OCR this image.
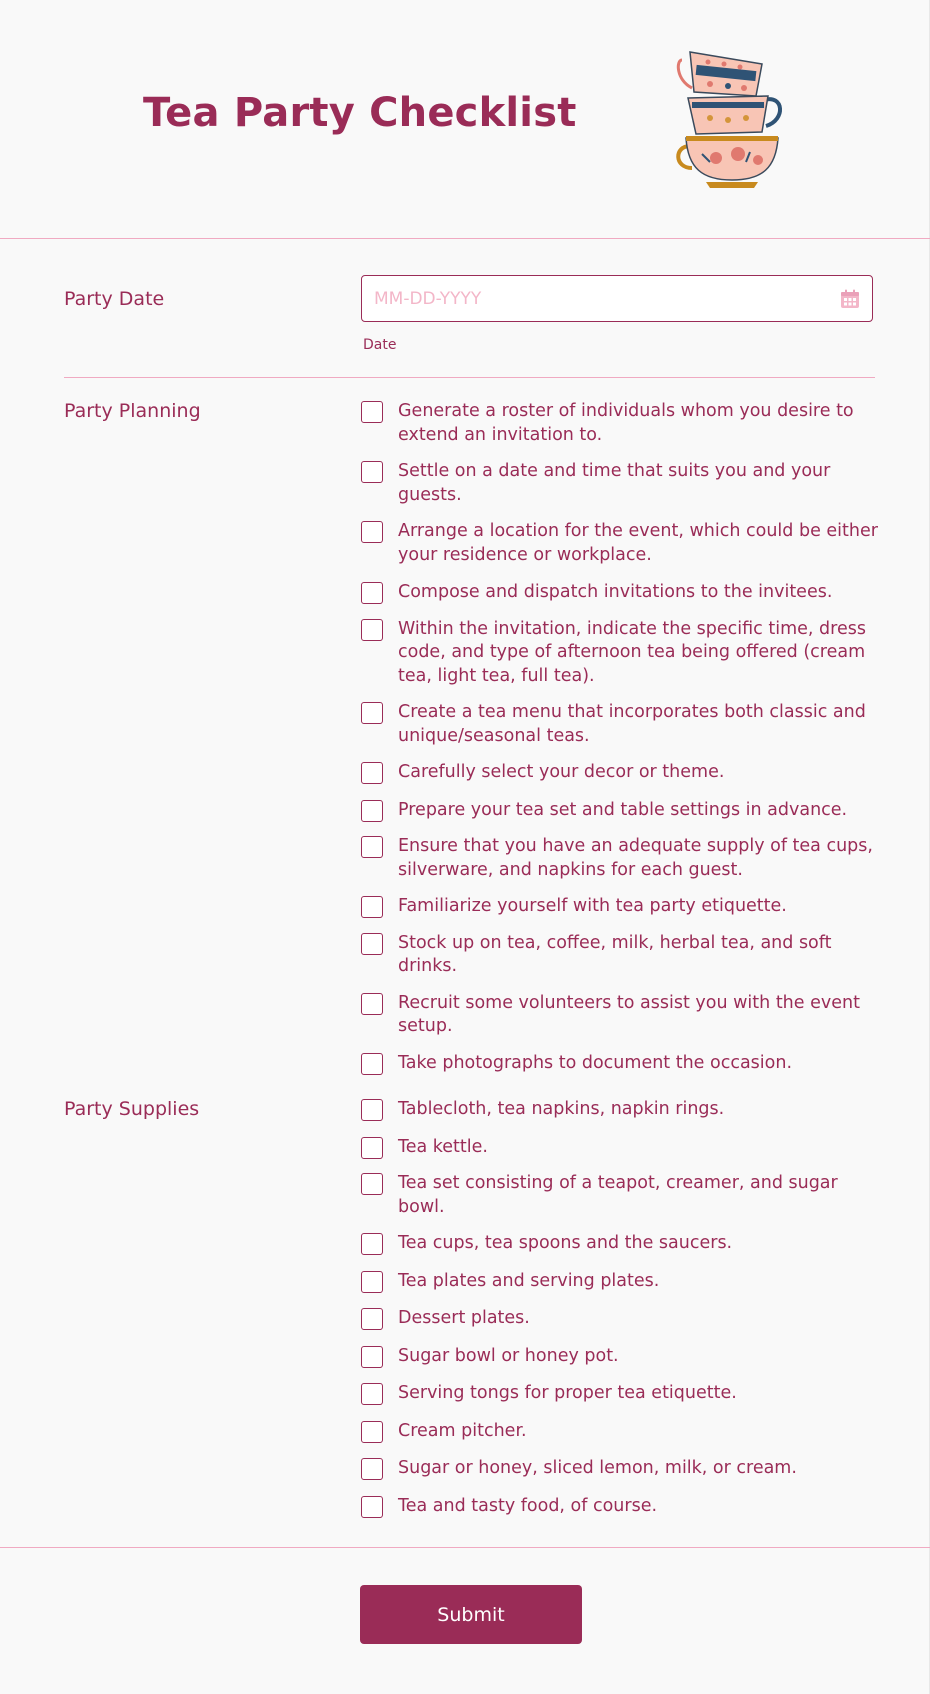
Tea Party Checklist

Party Date

MM-DD-YYYY
Date

Party Planning	Generate a roster of individuals whom you desire to extend an invitation to.
Settle on a date and time that suits you and your guests.
Arrange a location for the event, which could be either your residence or workplace.
Compose and dispatch invitations to the invitees.
Within the invitation, indicate the specific time, dress code, and type of afternoon tea being offered (cream tea, light tea, full tea).
Create a tea menu that incorporates both classic and unique/seasonal teas.
Carefully select your decor or theme.
Prepare your tea set and table settings in advance.
Ensure that you have an adequate supply of tea cups, silverware, and napkins for each guest.
Familiarize yourself with tea party etiquette.
Stock up on tea, coffee, milk, herbal tea, and soft drinks.
Recruit some volunteers to assist you with the event setup.
Take photographs to document the occasion.

Party Supplies	Tablecloth, tea napkins, napkin rings.
Tea kettle.
Tea set consisting of a teapot, creamer, and sugar bowl.
Tea cups, tea spoons and the saucers.
Tea plates and serving plates.
Dessert plates.
Sugar bowl or honey pot.
Serving tongs for proper tea etiquette.
Cream pitcher.
Sugar or honey, sliced lemon, milk, or cream.
Tea and tasty food, of course.
Submit
